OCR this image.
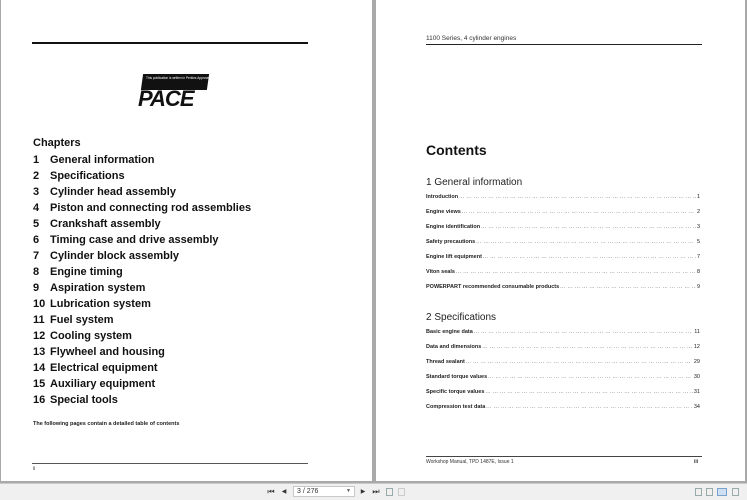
This publication is written in Perkins Approved Clear English
PACE
Chapters
1 General information
2 Specifications
3 Cylinder head assembly
4 Piston and connecting rod assemblies
5 Crankshaft assembly
6 Timing case and drive assembly
7 Cylinder block assembly
8 Engine timing
9 Aspiration system
10 Lubrication system
11 Fuel system
12 Cooling system
13 Flywheel and housing
14 Electrical equipment
15 Auxiliary equipment
16 Special tools
The following pages contain a detailed table of contents
ii
1100 Series, 4 cylinder engines
Contents
1 General information
Introduction ... .	1
Engine views ... .	2
Engine identification ... .	3
Safety precautions ... .	5
Engine lift equipment ... .	7
Viton seals ... .	8
POWERPART recommended consumable products ... .	9
2 Specifications
Basic engine data ... .	11
Data and dimensions ... .	12
Thread sealant ... .	29
Standard torque values ... .	30
Specific torque values ... .	31
Compression test data ... .	34
Workshop Manual, TPD 1487E, Issue 1	iii
⏮ ◀	3 / 276	▼ ▶ ⏭
